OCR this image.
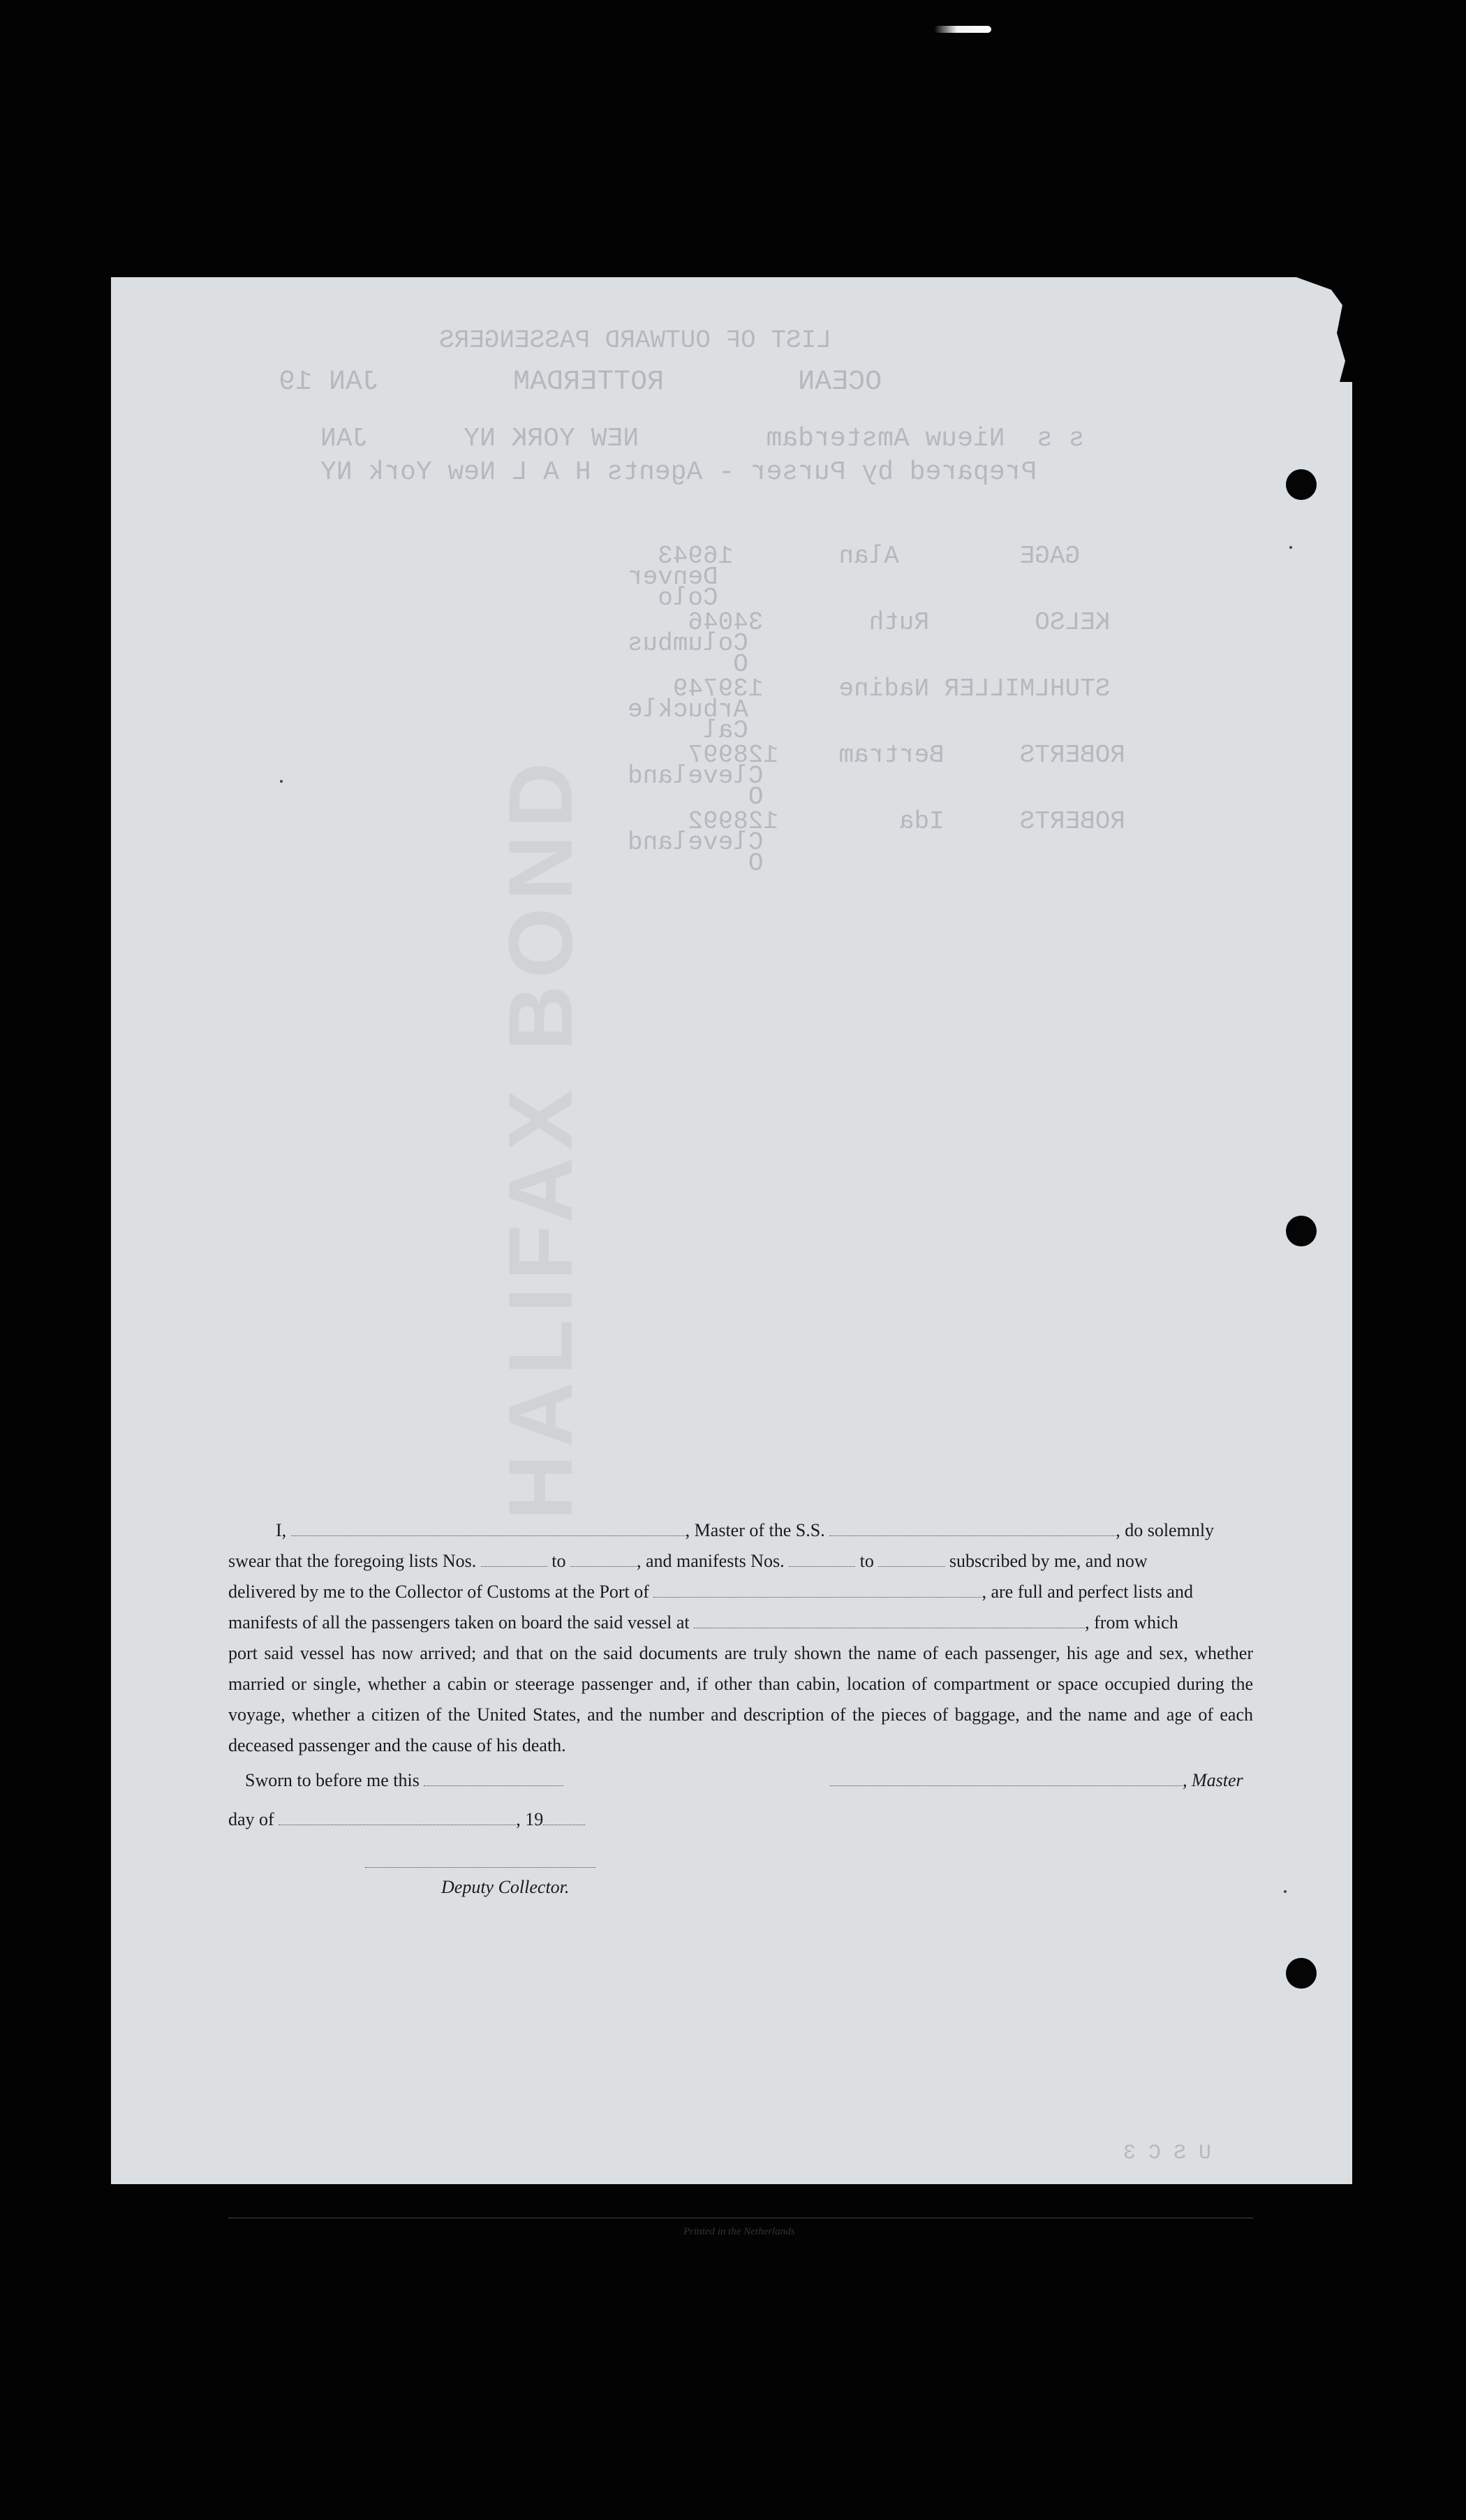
HALIFAX BOND
LIST OF OUTWARD PASSENGERS
OCEAN        ROTTERDAM        JAN 19
s s  Nieuw Amsterdam        NEW YORK NY      JAN
Prepared by Purser - Agents H A L New York NY
GAGE        Alan       16943
Denver
Colo
KELSO       Ruth       34046
Columbus
O
STUHLMILLER Nadine     139749
Arbuckle
Cal
ROBERTS     Bertram    128997
Cleveland
O
ROBERTS     Ida        128992
Cleveland
O
U S C 3

I,	, Master of the S.S.	, do solemnly
swear that the foregoing lists Nos.	to	, and manifests Nos.	to	subscribed by me, and now
delivered by me to the Collector of Customs at the Port of	, are full and perfect lists and
manifests of all the passengers taken on board the said vessel at	, from which
port said vessel has now arrived; and that on the said documents are truly shown the name of each passenger, his age and sex, whether married or single, whether a cabin or steerage passenger and, if other than cabin, location of compartment or space occupied during the voyage, whether a citizen of the United States, and the number and description of the pieces of baggage, and the name and age of each deceased passenger and the cause of his death.

Sworn to before me this	, Master
day of	, 19
Deputy Collector.
Printed in the Netherlands
